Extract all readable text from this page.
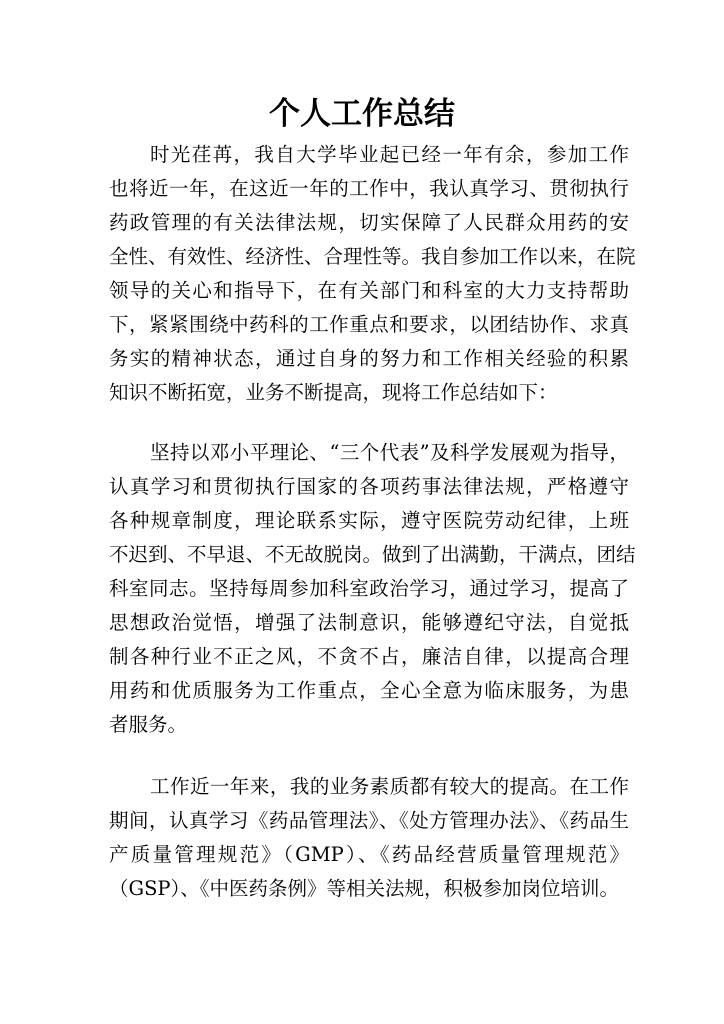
个人工作总结
时光荏苒，我自大学毕业起已经一年有余，参加工作
也将近一年，在这近一年的工作中，我认真学习、贯彻执行
药政管理的有关法律法规，切实保障了人民群众用药的安
全性、有效性、经济性、合理性等。我自参加工作以来，在院
领导的关心和指导下，在有关部门和科室的大力支持帮助
下，紧紧围绕中药科的工作重点和要求，以团结协作、求真
务实的精神状态，通过自身的努力和工作相关经验的积累
知识不断拓宽，业务不断提高，现将工作总结如下：
坚持以邓小平理论、“三个代表”及科学发展观为指导，
认真学习和贯彻执行国家的各项药事法律法规，严格遵守
各种规章制度，理论联系实际，遵守医院劳动纪律，上班
不迟到、不早退、不无故脱岗。做到了出满勤，干满点，团结
科室同志。坚持每周参加科室政治学习，通过学习，提高了
思想政治觉悟，增强了法制意识，能够遵纪守法，自觉抵
制各种行业不正之风，不贪不占，廉洁自律，以提高合理
用药和优质服务为工作重点，全心全意为临床服务，为患
者服务。
工作近一年来，我的业务素质都有较大的提高。在工作
期间，认真学习《药品管理法》、《处方管理办法》、《药品生
产质量管理规范》（GMP）、《药品经营质量管理规范》
（GSP）、《中医药条例》等相关法规，积极参加岗位培训。
